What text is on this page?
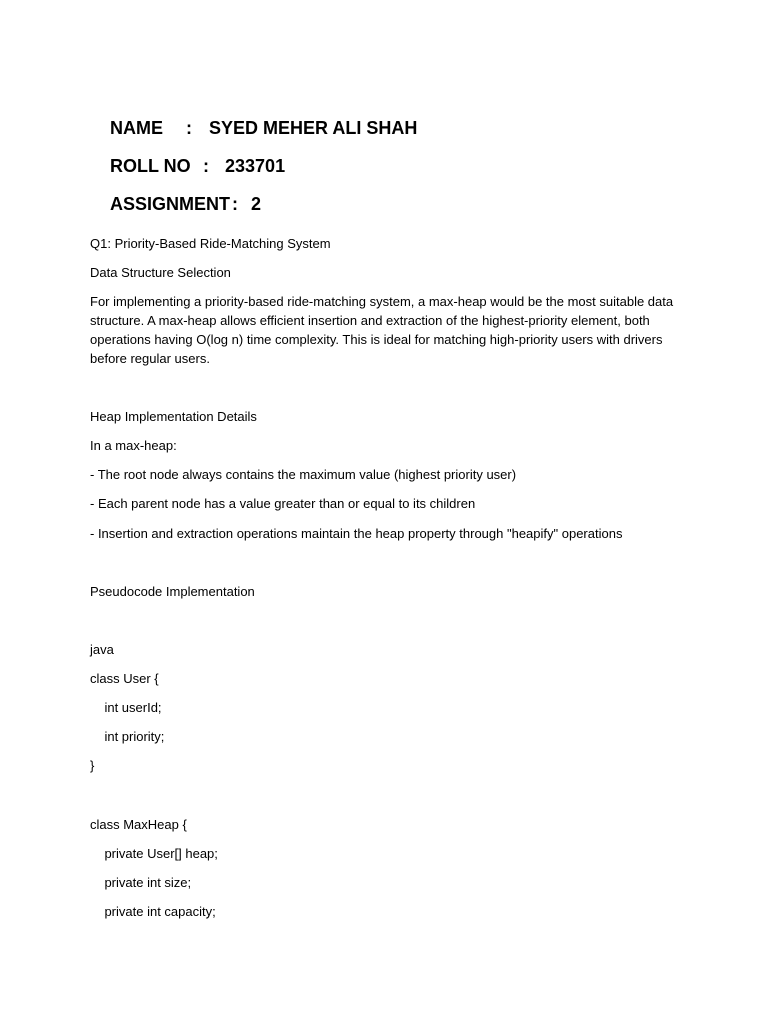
NAME : SYED MEHER ALI SHAH

ROLL NO : 233701

ASSIGNMENT : 2

Q1: Priority-Based Ride-Matching System
Data Structure Selection
For implementing a priority-based ride-matching system, a max-heap would be the most suitable data
structure. A max-heap allows efficient insertion and extraction of the highest-priority element, both
operations having O(log n) time complexity. This is ideal for matching high-priority users with drivers
before regular users.
Heap Implementation Details
In a max-heap:
- The root node always contains the maximum value (highest priority user)
- Each parent node has a value greater than or equal to its children
- Insertion and extraction operations maintain the heap property through "heapify" operations
Pseudocode Implementation
java
class User {
int userId;
int priority;
}
class MaxHeap {
private User[] heap;
private int size;
private int capacity;
